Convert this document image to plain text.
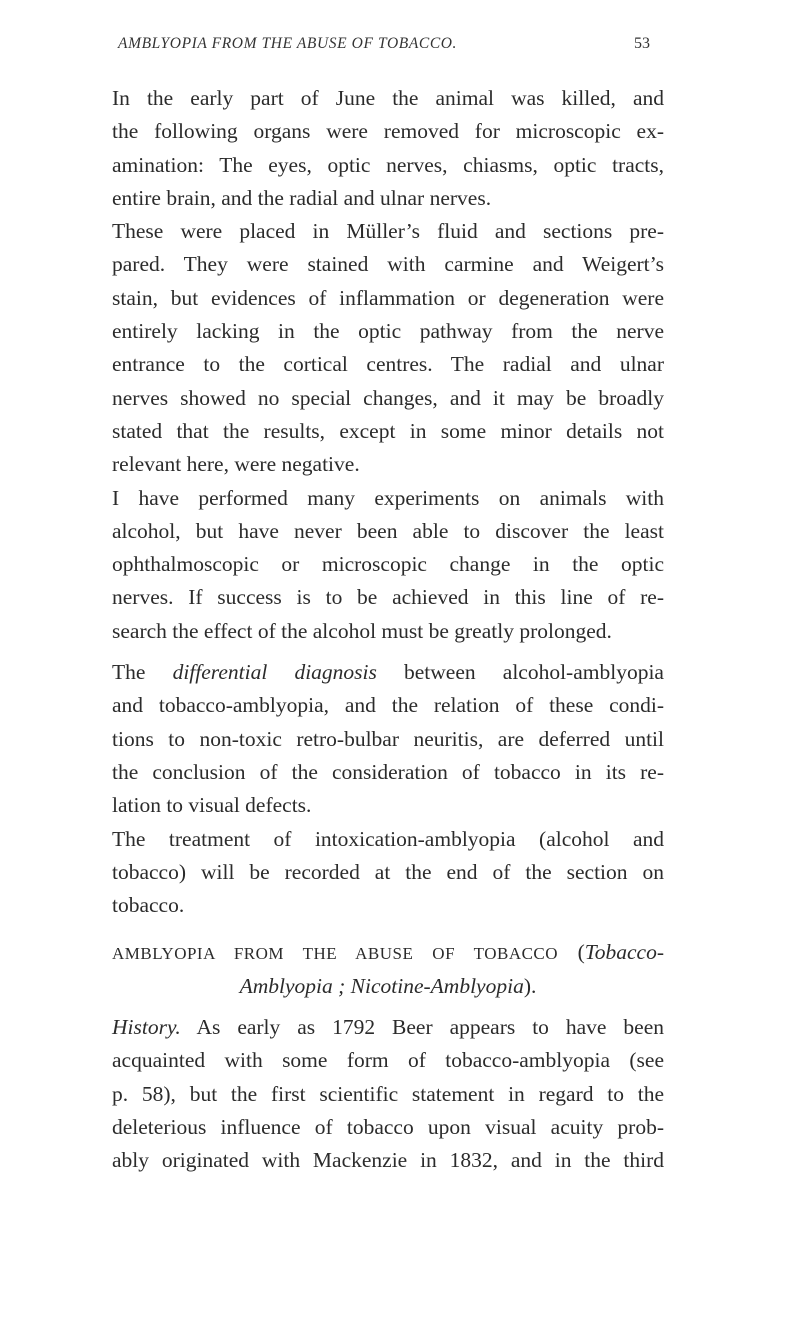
AMBLYOPIA FROM THE ABUSE OF TOBACCO.	53
In the early part of June the animal was killed, and
the following organs were removed for microscopic ex-
amination: The eyes, optic nerves, chiasms, optic tracts,
entire brain, and the radial and ulnar nerves.
These were placed in Müller’s fluid and sections pre-
pared. They were stained with carmine and Weigert’s
stain, but evidences of inflammation or degeneration were
entirely lacking in the optic pathway from the nerve
entrance to the cortical centres. The radial and ulnar
nerves showed no special changes, and it may be broadly
stated that the results, except in some minor details not
relevant here, were negative.
I have performed many experiments on animals with
alcohol, but have never been able to discover the least
ophthalmoscopic or microscopic change in the optic
nerves. If success is to be achieved in this line of re-
search the effect of the alcohol must be greatly prolonged.
The differential diagnosis between alcohol-amblyopia
and tobacco-amblyopia, and the relation of these condi-
tions to non-toxic retro-bulbar neuritis, are deferred until
the conclusion of the consideration of tobacco in its re-
lation to visual defects.
The treatment of intoxication-amblyopia (alcohol and
tobacco) will be recorded at the end of the section on
tobacco.
AMBLYOPIA FROM THE ABUSE OF TOBACCO (Tobacco-
Amblyopia ; Nicotine-Amblyopia).
History. As early as 1792 Beer appears to have been
acquainted with some form of tobacco-amblyopia (see
p. 58), but the first scientific statement in regard to the
deleterious influence of tobacco upon visual acuity prob-
ably originated with Mackenzie in 1832, and in the third
